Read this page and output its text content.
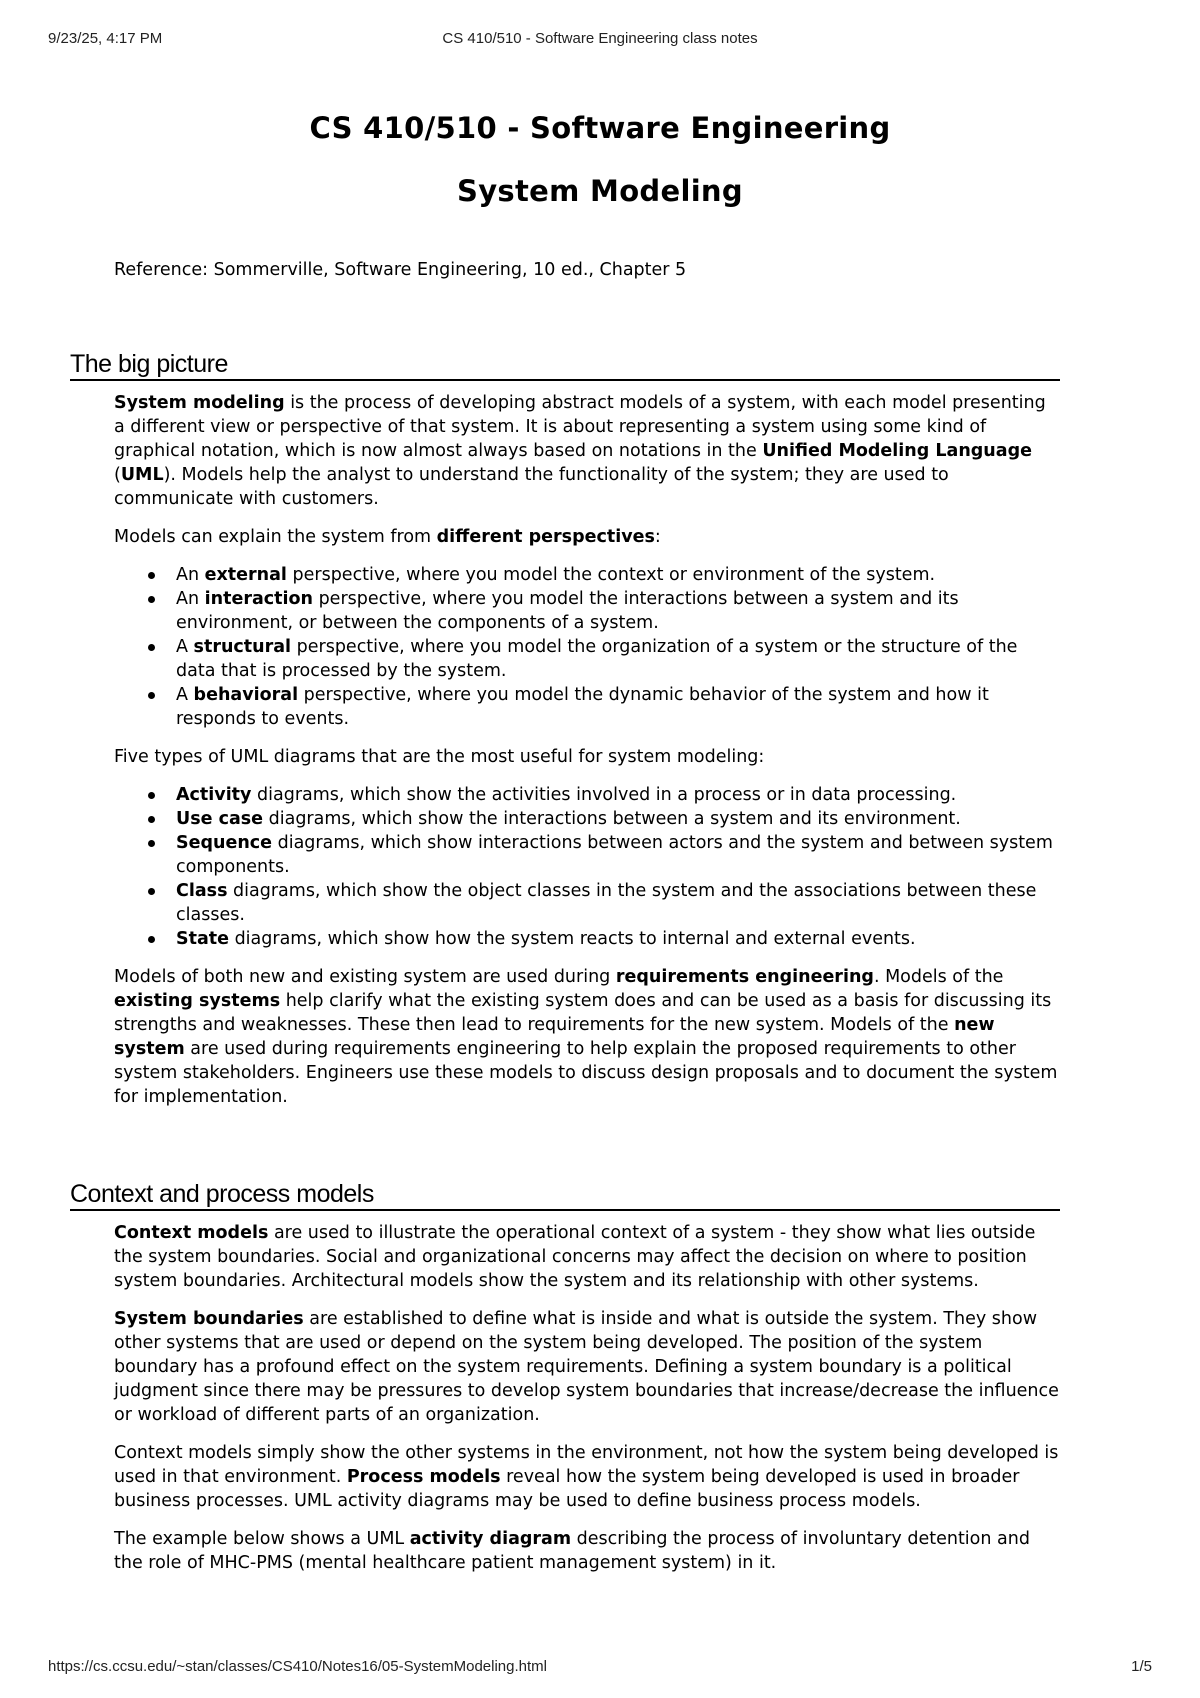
9/23/25, 4:17 PM	CS 410/510 - Software Engineering class notes
CS 410/510 - Software Engineering
System Modeling

Reference: Sommerville, Software Engineering, 10 ed., Chapter 5

The big picture

System modeling is the process of developing abstract models of a system, with each model presenting a different view or perspective of that system. It is about representing a system using some kind of graphical notation, which is now almost always based on notations in the Unified Modeling Language (UML). Models help the analyst to understand the functionality of the system; they are used to communicate with customers.

Models can explain the system from different perspectives:

An external perspective, where you model the context or environment of the system.
An interaction perspective, where you model the interactions between a system and its environment, or between the components of a system.
A structural perspective, where you model the organization of a system or the structure of the data that is processed by the system.
A behavioral perspective, where you model the dynamic behavior of the system and how it responds to events.

Five types of UML diagrams that are the most useful for system modeling:

Activity diagrams, which show the activities involved in a process or in data processing.
Use case diagrams, which show the interactions between a system and its environment.
Sequence diagrams, which show interactions between actors and the system and between system components.
Class diagrams, which show the object classes in the system and the associations between these classes.
State diagrams, which show how the system reacts to internal and external events.

Models of both new and existing system are used during requirements engineering. Models of the existing systems help clarify what the existing system does and can be used as a basis for discussing its strengths and weaknesses. These then lead to requirements for the new system. Models of the new system are used during requirements engineering to help explain the proposed requirements to other system stakeholders. Engineers use these models to discuss design proposals and to document the system for implementation.

Context and process models

Context models are used to illustrate the operational context of a system - they show what lies outside the system boundaries. Social and organizational concerns may affect the decision on where to position system boundaries. Architectural models show the system and its relationship with other systems.

System boundaries are established to define what is inside and what is outside the system. They show other systems that are used or depend on the system being developed. The position of the system boundary has a profound effect on the system requirements. Defining a system boundary is a political judgment since there may be pressures to develop system boundaries that increase/decrease the influence or workload of different parts of an organization.

Context models simply show the other systems in the environment, not how the system being developed is used in that environment. Process models reveal how the system being developed is used in broader business processes. UML activity diagrams may be used to define business process models.

The example below shows a UML activity diagram describing the process of involuntary detention and the role of MHC-PMS (mental healthcare patient management system) in it.

https://cs.ccsu.edu/~stan/classes/CS410/Notes16/05-SystemModeling.html	1/5
